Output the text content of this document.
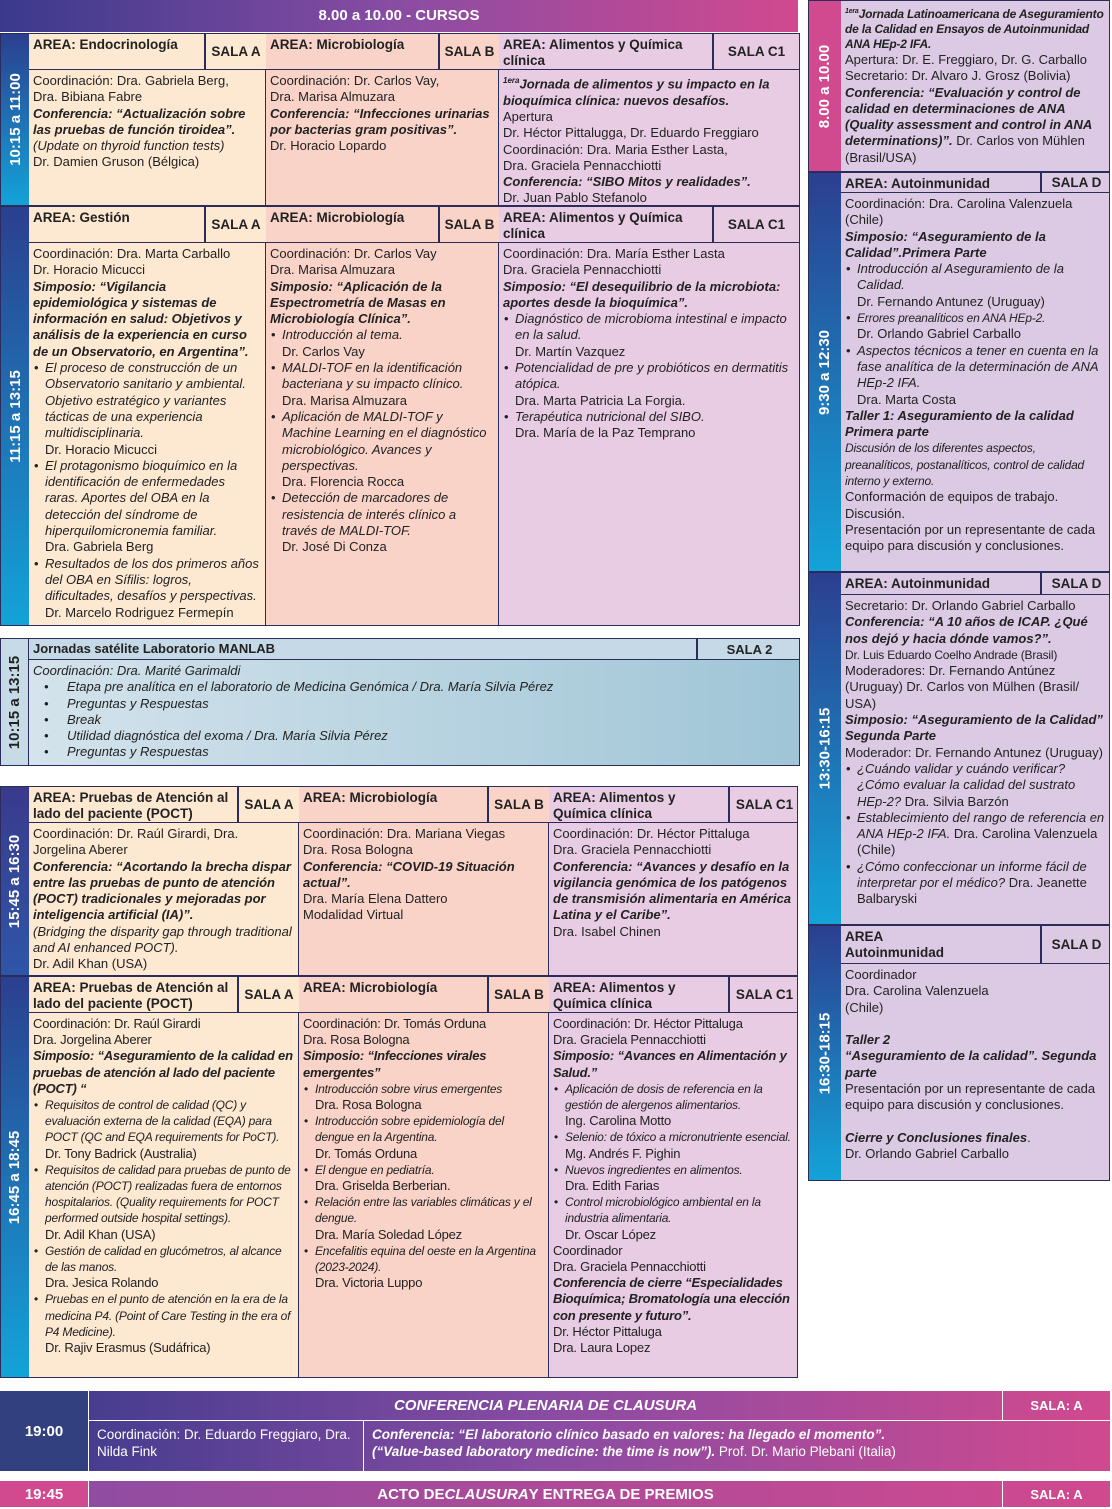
8.00 a 10.00 - CURSOS
10:15 a 11:00
AREA: Endocrinología	SALA A

Coordinación: Dra. Gabriela Berg,

Dra. Bibiana Fabre

Conferencia: “Actualización sobre las pruebas de función tiroidea”.

(Update on thyroid function tests)

Dr. Damien Gruson (Bélgica)

AREA: Microbiología	SALA B

Coordinación: Dr. Carlos Vay,

Dra. Marisa Almuzara

Conferencia: “Infecciones urinarias por bacterias gram positivas”.

Dr. Horacio Lopardo

AREA: Alimentos y Química clínica
SALA C1

$^{1era}$Jornada de alimentos y su impacto en la bioquímica clínica: nuevos desafíos.

Apertura

Dr. Héctor Pittalugga, Dr. Eduardo Freggiaro

Coordinación: Dra. Maria Esther Lasta,

Dra. Graciela Pennacchiotti

Conferencia: “SIBO Mitos y realidades”.

Dr. Juan Pablo Stefanolo

11:15 a 13:15
AREA: Gestión	SALA A

Coordinación: Dra. Marta Carballo

Dr. Horacio Micucci

Simposio: “Vigilancia epidemiológica y sistemas de información en salud: Objetivos y análisis de la experiencia en curso de un Observatorio, en Argentina”.

• El proceso de construcción de un Observatorio sanitario y ambiental. Objetivo estratégico y variantes tácticas de una experiencia multidisciplinaria.
Dr. Horacio Micucci
• El protagonismo bioquímico en la identificación de enfermedades raras. Aportes del OBA en la detección del síndrome de hiperquilomicronemia familiar.
Dra. Gabriela Berg
• Resultados de los dos primeros años del OBA en Sífilis: logros, dificultades, desafíos y perspectivas.
Dr. Marcelo Rodriguez Fermepín
AREA: Microbiología	SALA B

Coordinación: Dr. Carlos Vay

Dra. Marisa Almuzara

Simposio: “Aplicación de la Espectrometría de Masas en Microbiología Clínica”.

• Introducción al tema.
Dr. Carlos Vay
• MALDI-TOF en la identificación bacteriana y su impacto clínico.
Dra. Marisa Almuzara
• Aplicación de MALDI-TOF y Machine Learning en el diagnóstico microbiológico. Avances y perspectivas.
Dra. Florencia Rocca
• Detección de marcadores de resistencia de interés clínico a través de MALDI-TOF.
Dr. José Di Conza
AREA: Alimentos y Química clínica
SALA C1

Coordinación: Dra. María Esther Lasta

Dra. Graciela Pennacchiotti

Simposio: “El desequilibrio de la microbiota: aportes desde la bioquímica”.

• Diagnóstico de microbioma intestinal e impacto en la salud.
Dr. Martín Vazquez
• Potencialidad de pre y probióticos en dermatitis atópica.
Dra. Marta Patricia La Forgia.
• Terapéutica nutricional del SIBO.
Dra. María de la Paz Temprano
10:15 a 13:15
Jornadas satélite Laboratorio MANLAB	SALA 2

Coordinación: Dra. Marité Garimaldi

• Etapa pre analítica en el laboratorio de Medicina Genómica / Dra. María Silvia Pérez
• Preguntas y Respuestas
• Break
• Utilidad diagnóstica del exoma / Dra. María Silvia Pérez
• Preguntas y Respuestas
15:45 a 16:30
AREA: Pruebas de Atención al lado del paciente (POCT)
SALA A

Coordinación: Dr. Raúl Girardi, Dra.

Jorgelina Aberer

Conferencia: “Acortando la brecha dispar entre las pruebas de punto de atención (POCT) tradicionales y mejoradas por inteligencia artificial (IA)”.

(Bridging the disparity gap through traditional and AI enhanced POCT).

Dr. Adil Khan (USA)

AREA: Microbiología	SALA B

Coordinación: Dra. Mariana Viegas

Dra. Rosa Bologna

Conferencia: “COVID-19 Situación actual”.

Dra. María Elena Dattero

Modalidad Virtual

AREA: Alimentos y Química clínica
SALA C1

Coordinación: Dr. Héctor Pittaluga

Dra. Graciela Pennacchiotti

Conferencia: “Avances y desafío en la vigilancia genómica de los patógenos de transmisión alimentaria en América Latina y el Caribe”.

Dra. Isabel Chinen

16:45 a 18:45
AREA: Pruebas de Atención al lado del paciente (POCT)
SALA A

Coordinación: Dr. Raúl Girardi

Dra. Jorgelina Aberer

Simposio: “Aseguramiento de la calidad en pruebas de atención al lado del paciente (POCT) “

• Requisitos de control de calidad (QC) y evaluación externa de la calidad (EQA) para POCT (QC and EQA requirements for PoCT).
Dr. Tony Badrick (Australia)
• Requisitos de calidad para pruebas de punto de atención (POCT) realizadas fuera de entornos hospitalarios. (Quality requirements for POCT performed outside hospital settings).
Dr. Adil Khan (USA)
• Gestión de calidad en glucómetros, al alcance de las manos.
Dra. Jesica Rolando
• Pruebas en el punto de atención en la era de la medicina P4. (Point of Care Testing in the era of P4 Medicine).
Dr. Rajiv Erasmus (Sudáfrica)
AREA: Microbiología	SALA B

Coordinación: Dr. Tomás Orduna

Dra. Rosa Bologna

Simposio: “Infecciones virales emergentes”

• Introducción sobre virus emergentes
Dra. Rosa Bologna
• Introducción sobre epidemiología del dengue en la Argentina.
Dr. Tomás Orduna
• El dengue en pediatría.
Dra. Griselda Berberian.
• Relación entre las variables climáticas y el dengue.
Dra. María Soledad López
• Encefalitis equina del oeste en la Argentina (2023-2024).
Dra. Victoria Luppo
AREA: Alimentos y Química clínica
SALA C1

Coordinación: Dr. Héctor Pittaluga

Dra. Graciela Pennacchiotti

Simposio: “Avances en Alimentación y Salud.”

• Aplicación de dosis de referencia en la gestión de alergenos alimentarios.
Ing. Carolina Motto
• Selenio: de tóxico a micronutriente esencial.
Mg. Andrés F. Pighin
• Nuevos ingredientes en alimentos.
Dra. Edith Farias
• Control microbiológico ambiental en la industria alimentaria.
Dr. Oscar López

Coordinador

Dra. Graciela Pennacchiotti

Conferencia de cierre “Especialidades Bioquímica; Bromatología una elección con presente y futuro”.

Dr. Héctor Pittaluga

Dra. Laura Lopez

8.00 a 10.00

$^{1era}$Jornada Latinoamericana de Aseguramiento de la Calidad en Ensayos de Autoinmunidad ANA HEp-2 IFA.

Apertura: Dr. E. Freggiaro, Dr. G. Carballo

Secretario: Dr. Alvaro J. Grosz (Bolivia)

Conferencia: “Evaluación y control de calidad en determinaciones de ANA (Quality assessment and control in ANA determinations)”. Dr. Carlos von Mühlen (Brasil/USA)

9:30 a 12:30
AREA: Autoinmunidad	SALA D

Coordinación: Dra. Carolina Valenzuela (Chile)

Simposio: “Aseguramiento de la Calidad”.Primera Parte

• Introducción al Aseguramiento de la Calidad.
Dr. Fernando Antunez (Uruguay)
• Errores preanalíticos en ANA HEp-2.
Dr. Orlando Gabriel Carballo
• Aspectos técnicos a tener en cuenta en la fase analítica de la determinación de ANA HEp-2 IFA.
Dra. Marta Costa

Taller 1: Aseguramiento de la calidad Primera parte

Discusión de los diferentes aspectos, preanalíticos, postanalíticos, control de calidad interno y externo.

Conformación de equipos de trabajo.

Discusión.

Presentación por un representante de cada equipo para discusión y conclusiones.

13:30-16:15
AREA: Autoinmunidad	SALA D

Secretario: Dr. Orlando Gabriel Carballo

Conferencia: “A 10 años de ICAP. ¿Qué nos dejó y hacia dónde vamos?”.

Dr. Luis Eduardo Coelho Andrade (Brasil)

Moderadores: Dr. Fernando Antúnez (Uruguay) Dr. Carlos von Mülhen (Brasil/ USA)

Simposio: “Aseguramiento de la Calidad” Segunda Parte

Moderador: Dr. Fernando Antunez (Uruguay)

• ¿Cuándo validar y cuándo verificar? ¿Cómo evaluar la calidad del sustrato HEp-2? Dra. Silvia Barzón
• Establecimiento del rango de referencia en ANA HEp-2 IFA. Dra. Carolina Valenzuela (Chile)
• ¿Cómo confeccionar un informe fácil de interpretar por el médico? Dra. Jeanette Balbaryski
16:30-18:15
AREA Autoinmunidad
SALA D

Coordinador

Dra. Carolina Valenzuela

(Chile)

Taller 2

“Aseguramiento de la calidad”. Segunda parte

Presentación por un representante de cada equipo para discusión y conclusiones.

Cierre y Conclusiones finales.

Dr. Orlando Gabriel Carballo

19:00
CONFERENCIA PLENARIA DE CLAUSURA	SALA: A
Coordinación: Dr. Eduardo Freggiaro, Dra. Nilda Fink
Conferencia: “El laboratorio clínico basado en valores: ha llegado el momento”.
(“Value-based laboratory medicine: the time is now”). Prof. Dr. Mario Plebani (Italia)
19:45	ACTO DE CLAUSURA Y ENTREGA DE PREMIOS	SALA: A
